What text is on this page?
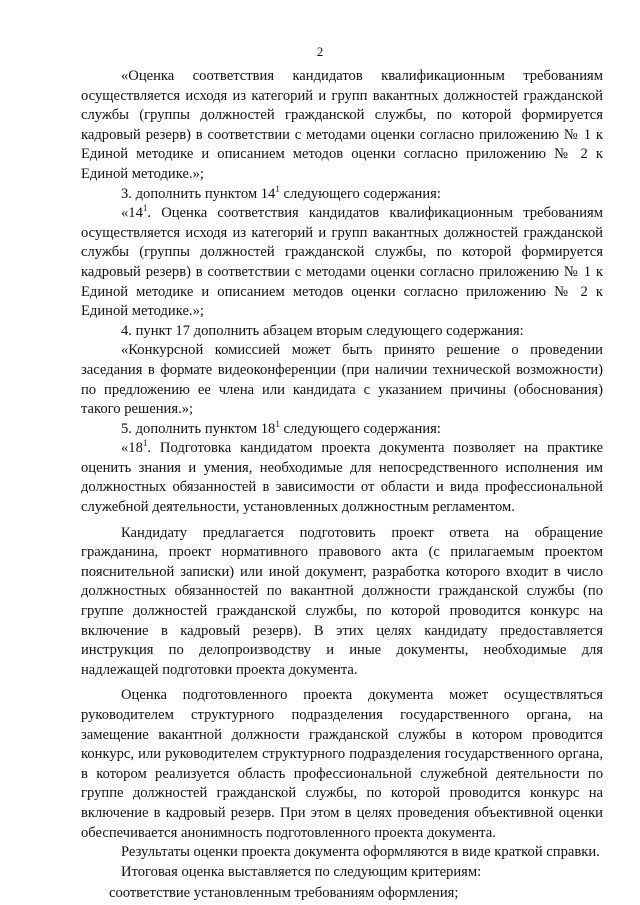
2

«Оценка соответствия кандидатов квалификационным требованиям осуществляется исходя из категорий и групп вакантных должностей гражданской службы (группы должностей гражданской службы, по которой формируется кадровый резерв) в соответствии с методами оценки согласно приложению № 1 к Единой методике и описанием методов оценки согласно приложению № 2 к Единой методике.»;

3. дополнить пунктом $14^1$ следующего содержания:

«$14^1$. Оценка соответствия кандидатов квалификационным требованиям осуществляется исходя из категорий и групп вакантных должностей гражданской службы (группы должностей гражданской службы, по которой формируется кадровый резерв) в соответствии с методами оценки согласно приложению № 1 к Единой методике и описанием методов оценки согласно приложению № 2 к Единой методике.»;

4. пункт 17 дополнить абзацем вторым следующего содержания:

«Конкурсной комиссией может быть принято решение о проведении заседания в формате видеоконференции (при наличии технической возможности) по предложению ее члена или кандидата с указанием причины (обоснования) такого решения.»;

5. дополнить пунктом $18^1$ следующего содержания:

«$18^1$. Подготовка кандидатом проекта документа позволяет на практике оценить знания и умения, необходимые для непосредственного исполнения им должностных обязанностей в зависимости от области и вида профессиональной служебной деятельности, установленных должностным регламентом.

Кандидату предлагается подготовить проект ответа на обращение гражданина, проект нормативного правового акта (с прилагаемым проектом пояснительной записки) или иной документ, разработка которого входит в число должностных обязанностей по вакантной должности гражданской службы (по группе должностей гражданской службы, по которой проводится конкурс на включение в кадровый резерв). В этих целях кандидату предоставляется инструкция по делопроизводству и иные документы, необходимые для надлежащей подготовки проекта документа.

Оценка подготовленного проекта документа может осуществляться руководителем структурного подразделения государственного органа, на замещение вакантной должности гражданской службы в котором проводится конкурс, или руководителем структурного подразделения государственного органа, в котором реализуется область профессиональной служебной деятельности по группе должностей гражданской службы, по которой проводится конкурс на включение в кадровый резерв. При этом в целях проведения объективной оценки обеспечивается анонимность подготовленного проекта документа.

Результаты оценки проекта документа оформляются в виде краткой справки.

Итоговая оценка выставляется по следующим критериям:

соответствие установленным требованиям оформления;
